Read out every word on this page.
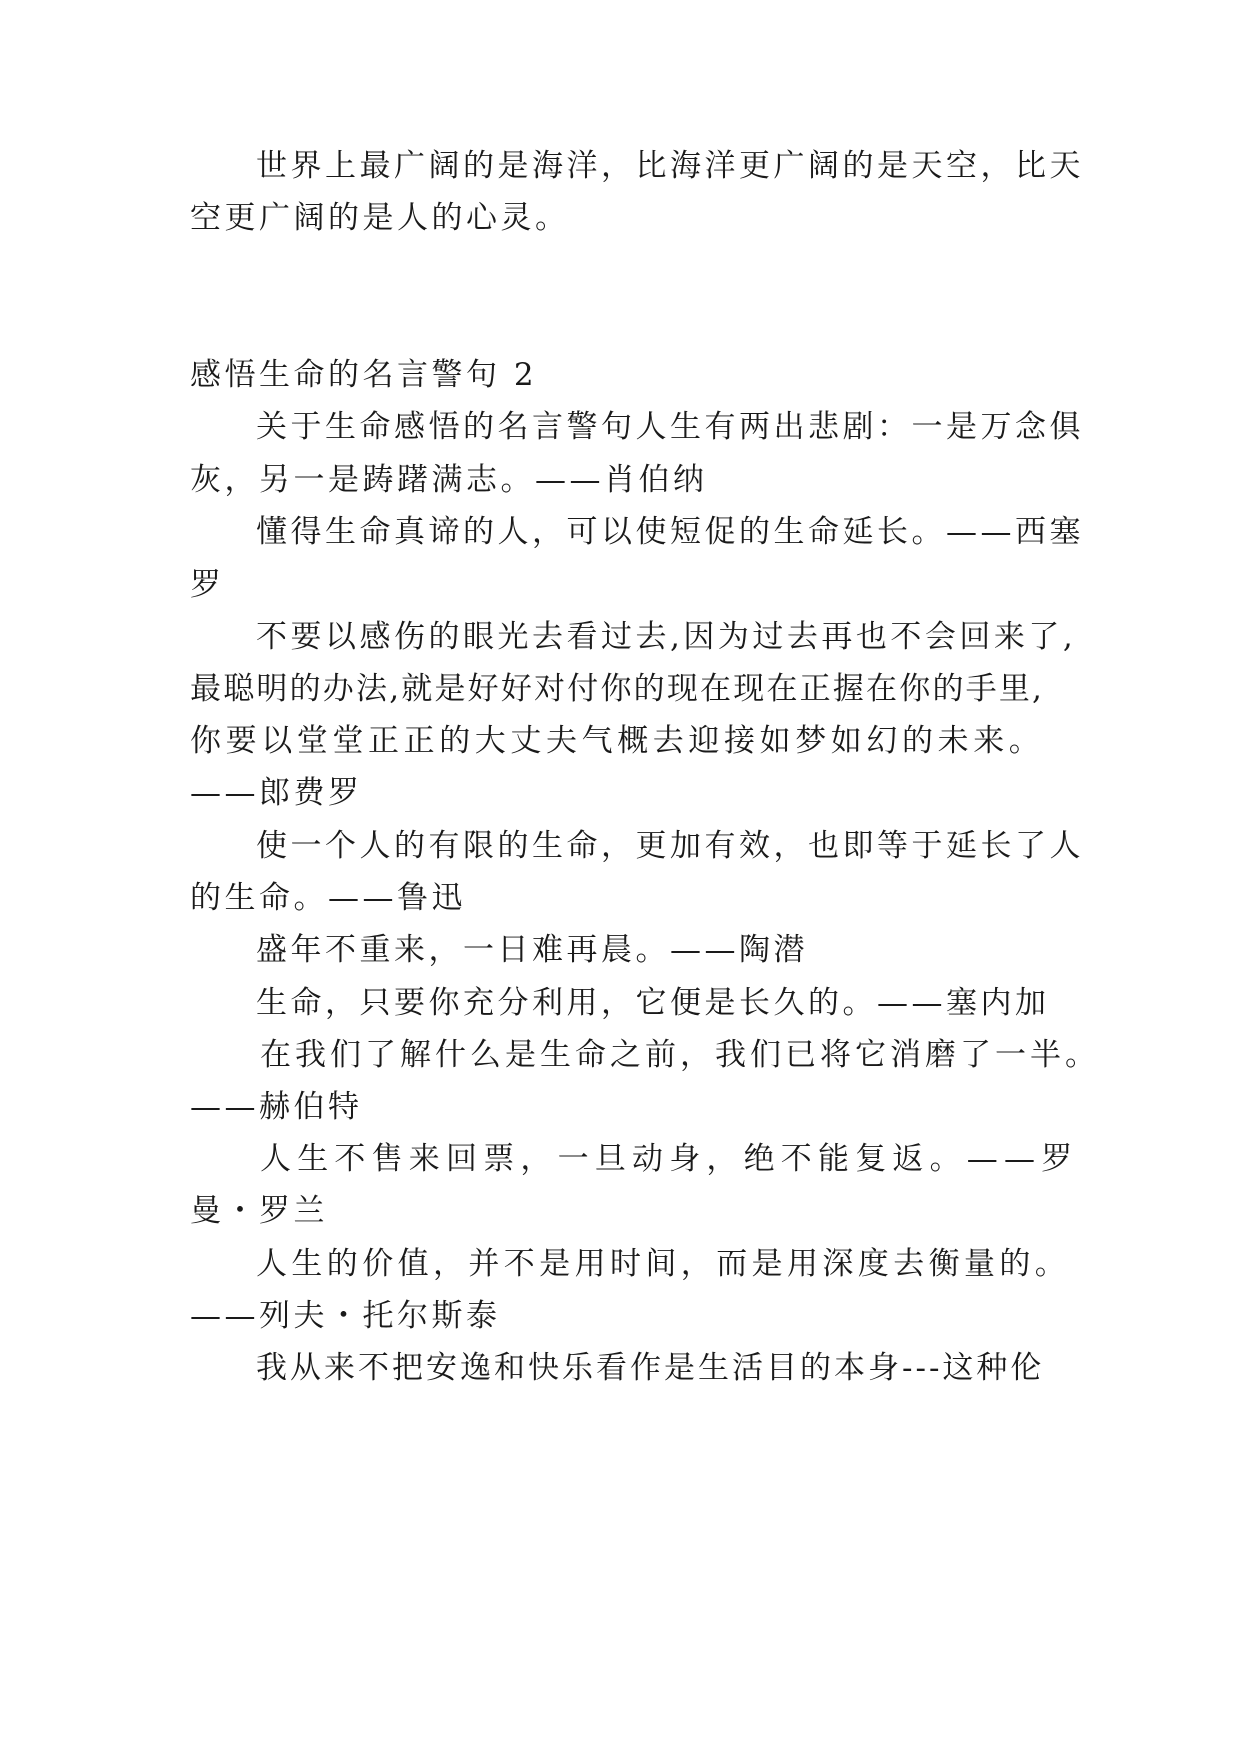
世界上最广阔的是海洋，比海洋更广阔的是天空，比天
空更广阔的是人的心灵。
感悟生命的名言警句 2
关于生命感悟的名言警句人生有两出悲剧：一是万念俱
灰，另一是踌躇满志。——肖伯纳
懂得生命真谛的人，可以使短促的生命延长。——西塞
罗
不要以感伤的眼光去看过去,因为过去再也不会回来了,
最聪明的办法,就是好好对付你的现在现在正握在你的手里,
你要以堂堂正正的大丈夫气概去迎接如梦如幻的未来。
——郎费罗
使一个人的有限的生命，更加有效，也即等于延长了人
的生命。——鲁迅
盛年不重来，一日难再晨。——陶潜
生命，只要你充分利用，它便是长久的。——塞内加
在我们了解什么是生命之前，我们已将它消磨了一半。
——赫伯特
人生不售来回票，一旦动身，绝不能复返。——罗
曼・罗兰
人生的价值，并不是用时间，而是用深度去衡量的。
——列夫・托尔斯泰
我从来不把安逸和快乐看作是生活目的本身---这种伦
